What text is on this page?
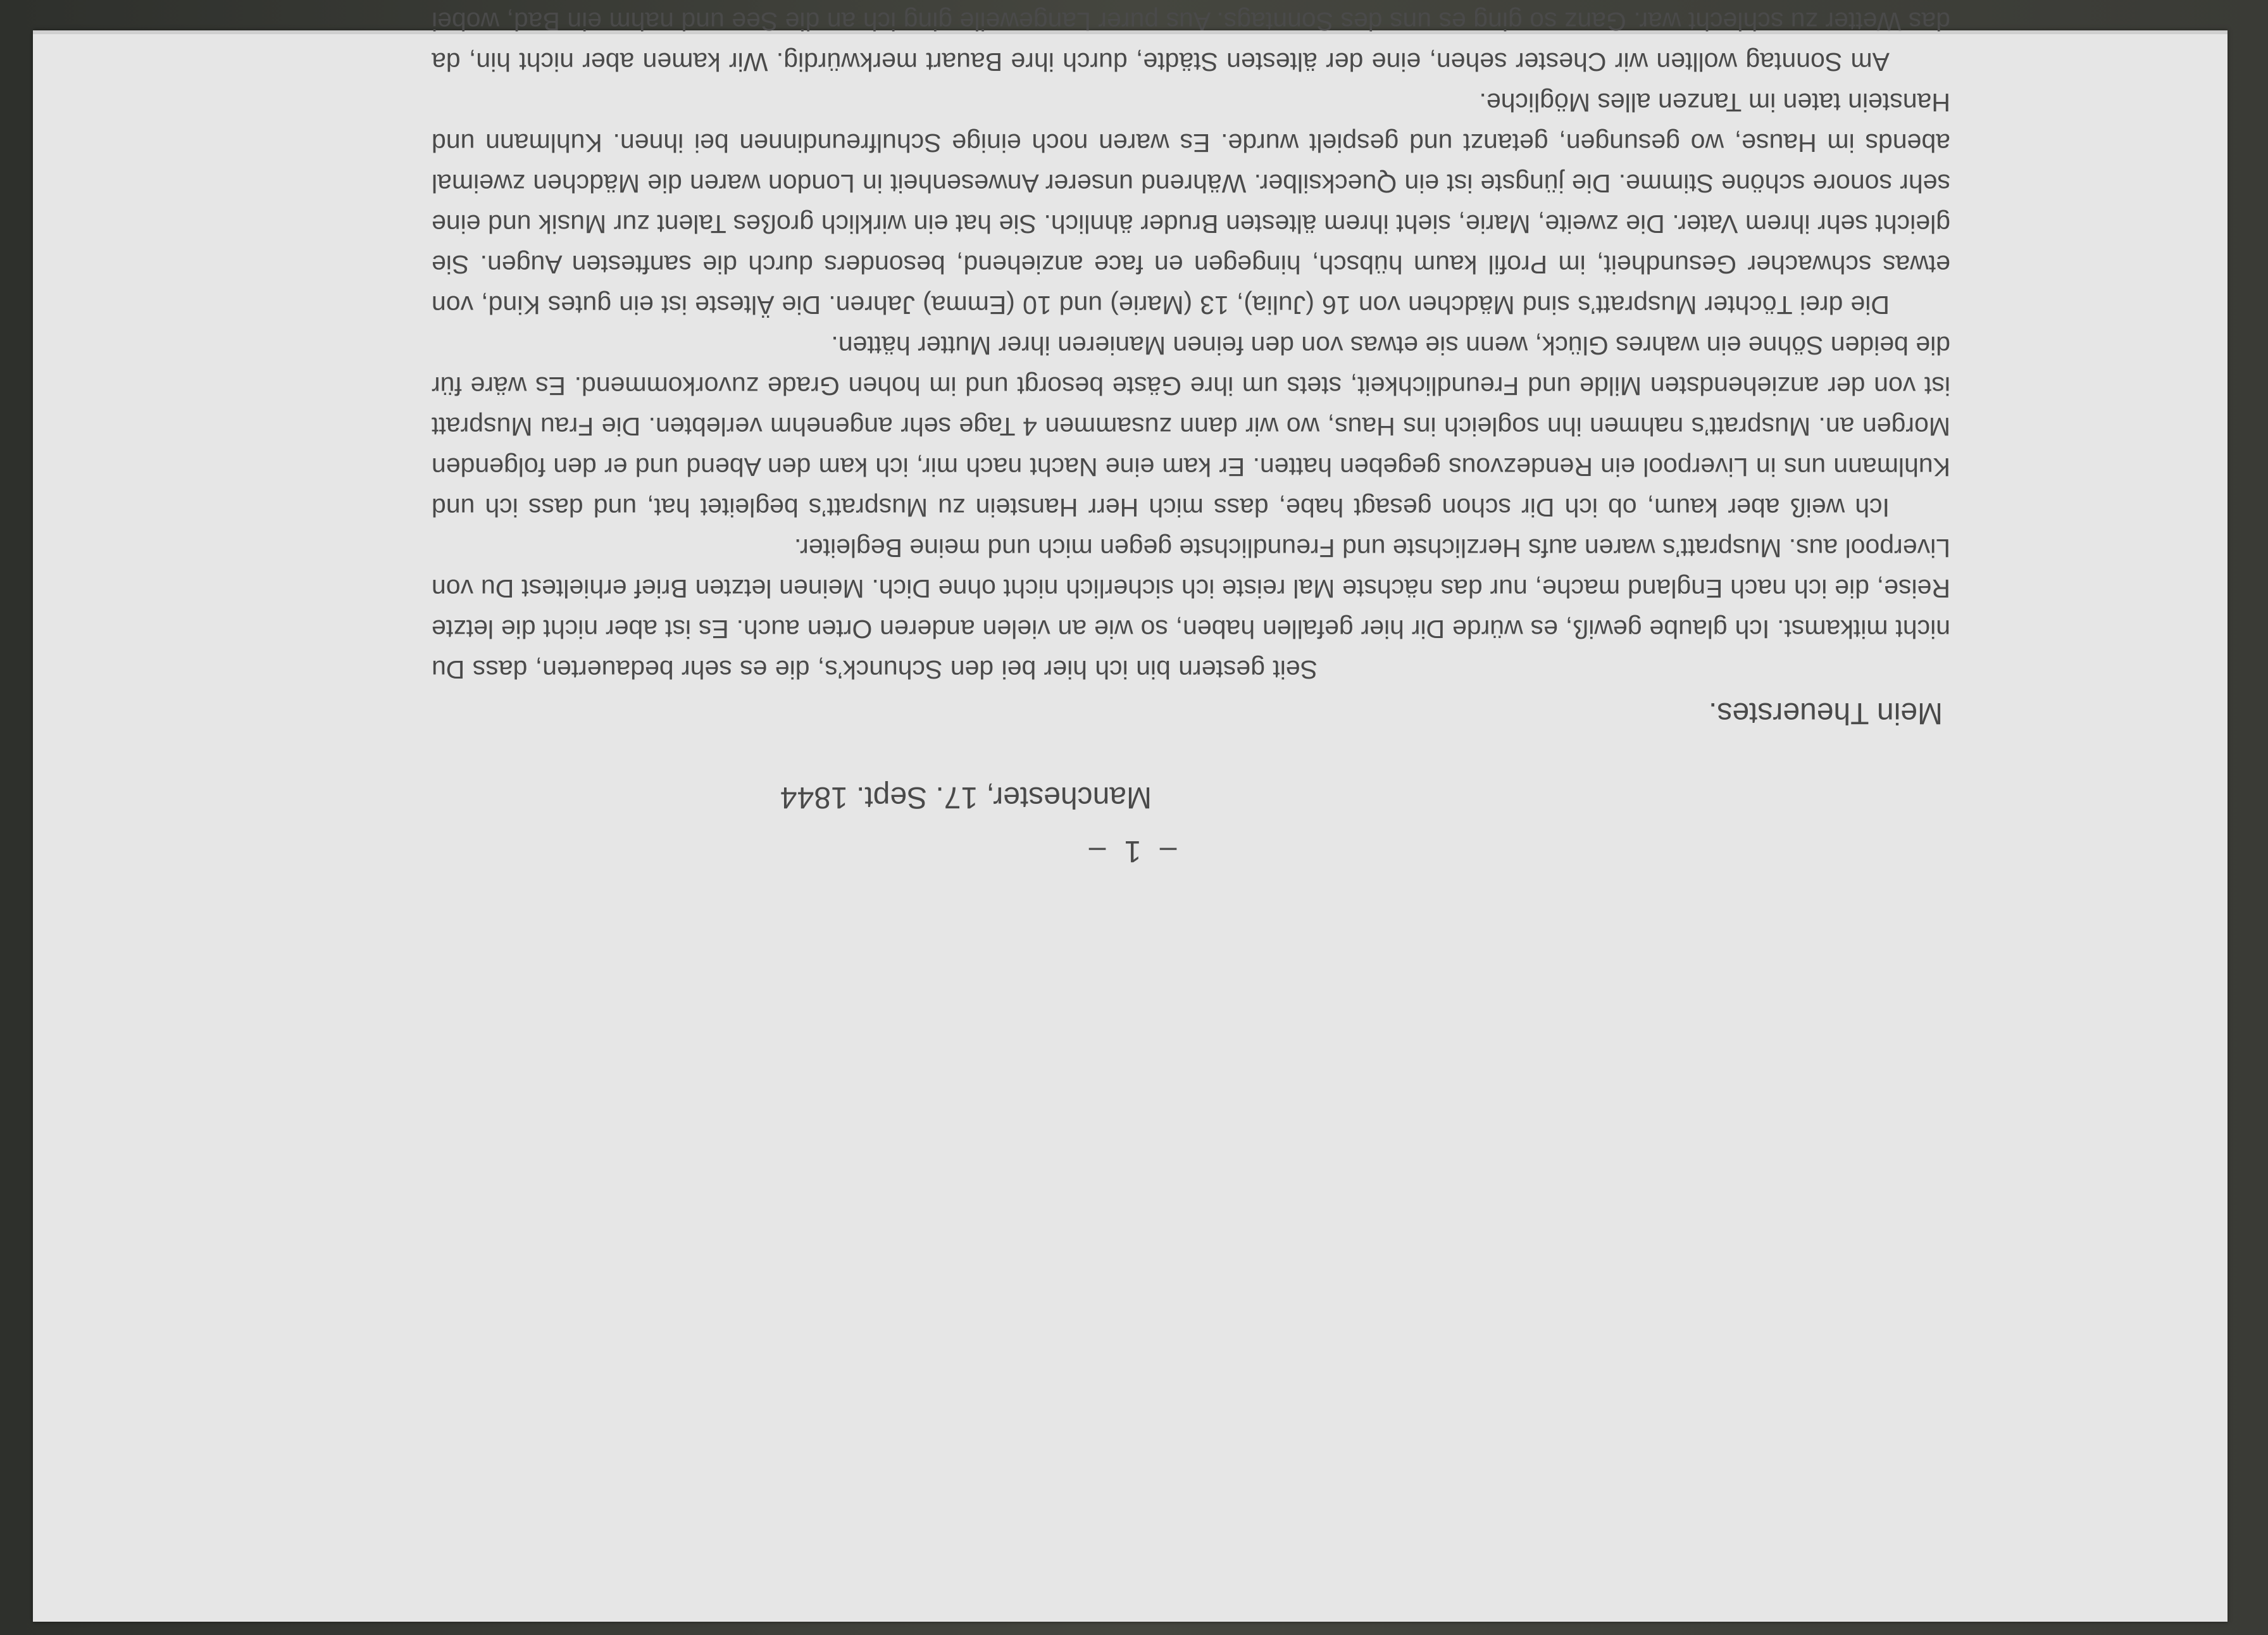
– 1 –
Manchester, 17. Sept. 1844
Mein Theuerstes.

Seit gestern bin ich hier bei den Schunck’s, die es sehr bedauerten, dass Du nicht mitkamst. Ich glaube gewiß, es würde Dir hier gefallen haben, so wie an vielen anderen Orten auch. Es ist aber nicht die letzte Reise, die ich nach England mache, nur das nächste Mal reiste ich sicherlich nicht ohne Dich. Meinen letzten Brief erhieltest Du von Liverpool aus. Muspratt’s waren aufs Herzlichste und Freundlichste gegen mich und meine Begleiter.

Ich weiß aber kaum, ob ich Dir schon gesagt habe, dass mich Herr Hanstein zu Muspratt’s begleitet hat, und dass ich und Kuhlmann uns in Liverpool ein Rendezvous gegeben hatten. Er kam eine Nacht nach mir, ich kam den Abend und er den folgenden Morgen an. Muspratt’s nahmen ihn sogleich ins Haus, wo wir dann zusammen 4 Tage sehr angenehm verlebten. Die Frau Muspratt ist von der anziehendsten Milde und Freundlichkeit, stets um ihre Gäste besorgt und im hohen Grade zuvorkommend. Es wäre für die beiden Söhne ein wahres Glück, wenn sie etwas von den feinen Manieren ihrer Mutter hätten.

Die drei Töchter Muspratt’s sind Mädchen von 16 (Julia), 13 (Marie) und 10 (Emma) Jahren. Die Älteste ist ein gutes Kind, von etwas schwacher Gesundheit, im Profil kaum hübsch, hingegen en face anziehend, besonders durch die sanftesten Augen. Sie gleicht sehr ihrem Vater. Die zweite, Marie, sieht ihrem ältesten Bruder ähnlich. Sie hat ein wirklich großes Talent zur Musik und eine sehr sonore schöne Stimme. Die jüngste ist ein Quecksilber. Während unserer Anwesenheit in London waren die Mädchen zweimal abends im Hause, wo gesungen, getanzt und gespielt wurde. Es waren noch einige Schulfreundinnen bei ihnen. Kuhlmann und Hanstein taten im Tanzen alles Mögliche.

Am Sonntag wollten wir Chester sehen, eine der ältesten Städte, durch ihre Bauart merkwürdig. Wir kamen aber nicht hin, da das Wetter zu schlecht war. Ganz so ging es uns des Sonntags. Aus purer Langeweile ging ich an die See und nahm ein Bad, wobei
